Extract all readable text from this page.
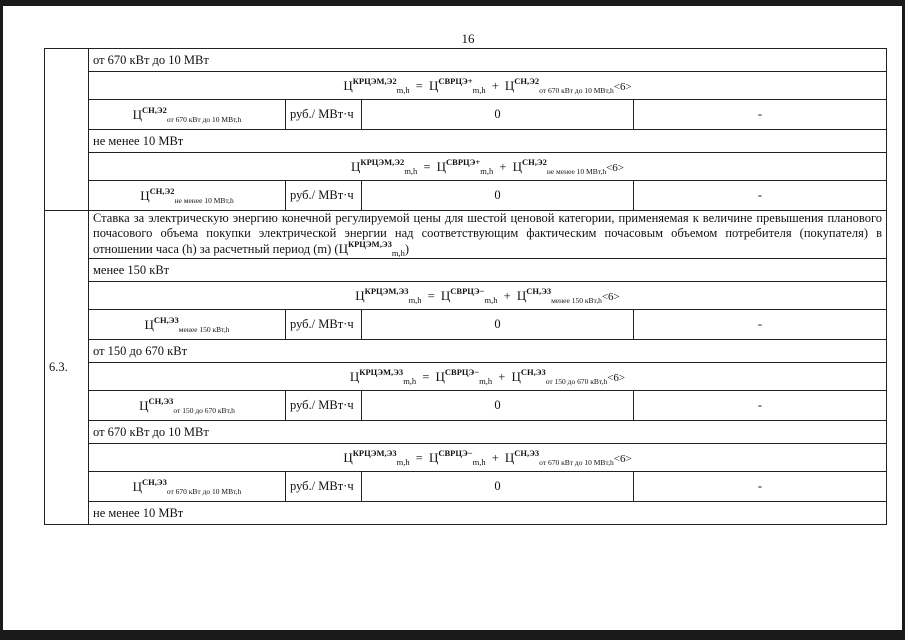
16
	от 670 кВт до 10 МВт			
	$Ц^{КРЦЭМ,Э2}_{m,h} = Ц^{СВРЦЭ+}_{m,h} + Ц^{СН,Э2}_{от 670 кВт до 10 МВт,h}<6>$			
	$Ц^{СН,Э2}_{от 670 кВт до 10 МВт,h}$	руб./ МВт·ч	0	-
	не менее 10 МВт			
	$Ц^{КРЦЭМ,Э2}_{m,h} = Ц^{СВРЦЭ+}_{m,h} + Ц^{СН,Э2}_{не менее 10 МВт,h}<6>$			
	$Ц^{СН,Э2}_{не менее 10 МВт,h}$	руб./ МВт·ч	0	-
6.3.	Ставка за электрическую энергию конечной регулируемой цены для шестой ценовой категории, применяемая к величине превышения планового почасового объема покупки электрической энергии над соответствующим фактическим почасовым объемом потребителя (покупателя) в отношении часа (h) за расчетный период (m) $(Ц^{КРЦЭМ,Э3}_{m,h})$			
	менее 150 кВт			
	$Ц^{КРЦЭМ,Э3}_{m,h} = Ц^{СВРЦЭ-}_{m,h} + Ц^{СН,Э3}_{менее 150 кВт,h}<6>$			
	$Ц^{СН,Э3}_{менее 150 кВт,h}$	руб./ МВт·ч	0	-
	от 150 до 670 кВт			
	$Ц^{КРЦЭМ,Э3}_{m,h} = Ц^{СВРЦЭ-}_{m,h} + Ц^{СН,Э3}_{от 150 до 670 кВт,h}<6>$			
	$Ц^{СН,Э3}_{от 150 до 670 кВт,h}$	руб./ МВт·ч	0	-
	от 670 кВт до 10 МВт			
	$Ц^{КРЦЭМ,Э3}_{m,h} = Ц^{СВРЦЭ-}_{m,h} + Ц^{СН,Э3}_{от 670 кВт до 10 МВт,h}<6>$			
	$Ц^{СН,Э3}_{от 670 кВт до 10 МВт,h}$	руб./ МВт·ч	0	-
	не менее 10 МВт			
